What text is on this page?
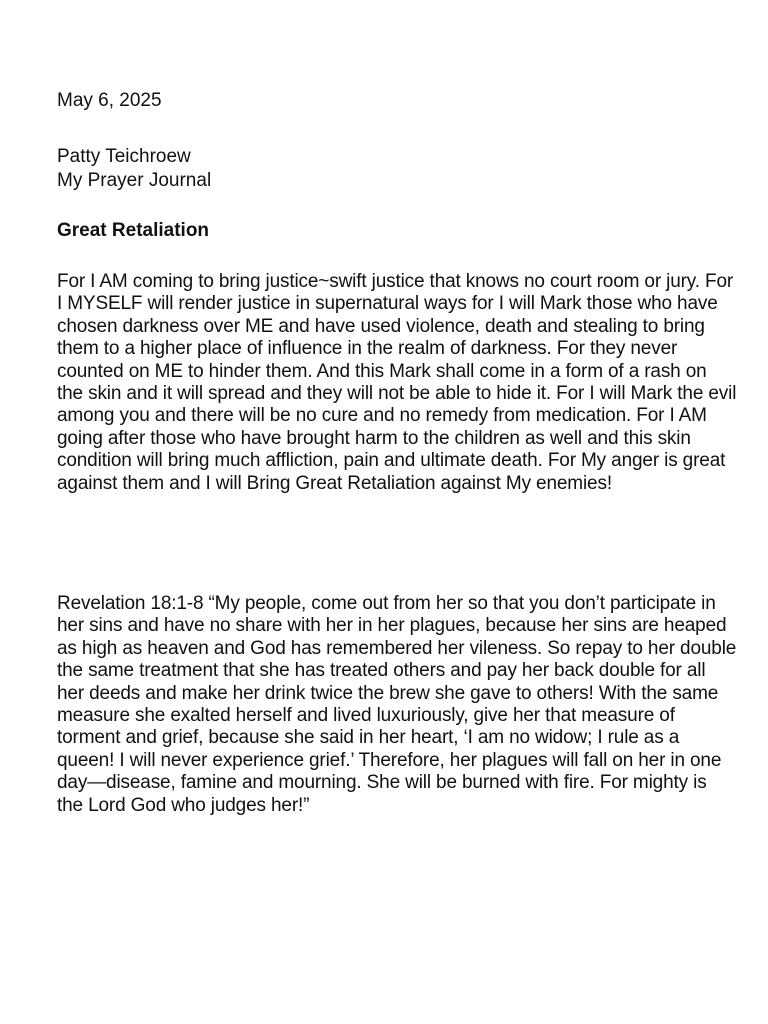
May 6, 2025
Patty Teichroew
My Prayer Journal
Great Retaliation

For I AM coming to bring justice~swift justice that knows no court room or jury. For I MYSELF will render justice in supernatural ways for I will Mark those who have chosen darkness over ME and have used violence, death and stealing to bring them to a higher place of influence in the realm of darkness. For they never counted on ME to hinder them. And this Mark shall come in a form of a rash on the skin and it will spread and they will not be able to hide it. For I will Mark the evil among you and there will be no cure and no remedy from medication. For I AM going after those who have brought harm to the children as well and this skin condition will bring much affliction, pain and ultimate death. For My anger is great against them and I will Bring Great Retaliation against My enemies!

Revelation 18:1-8 “My people, come out from her so that you don’t participate in her sins and have no share with her in her plagues, because her sins are heaped as high as heaven and God has remembered her vileness. So repay to her double the same treatment that she has treated others and pay her back double for all her deeds and make her drink twice the brew she gave to others! With the same measure she exalted herself and lived luxuriously, give her that measure of torment and grief, because she said in her heart, ‘I am no widow; I rule as a queen! I will never experience grief.’ Therefore, her plagues will fall on her in one day—disease, famine and mourning. She will be burned with fire. For mighty is the Lord God who judges her!”
